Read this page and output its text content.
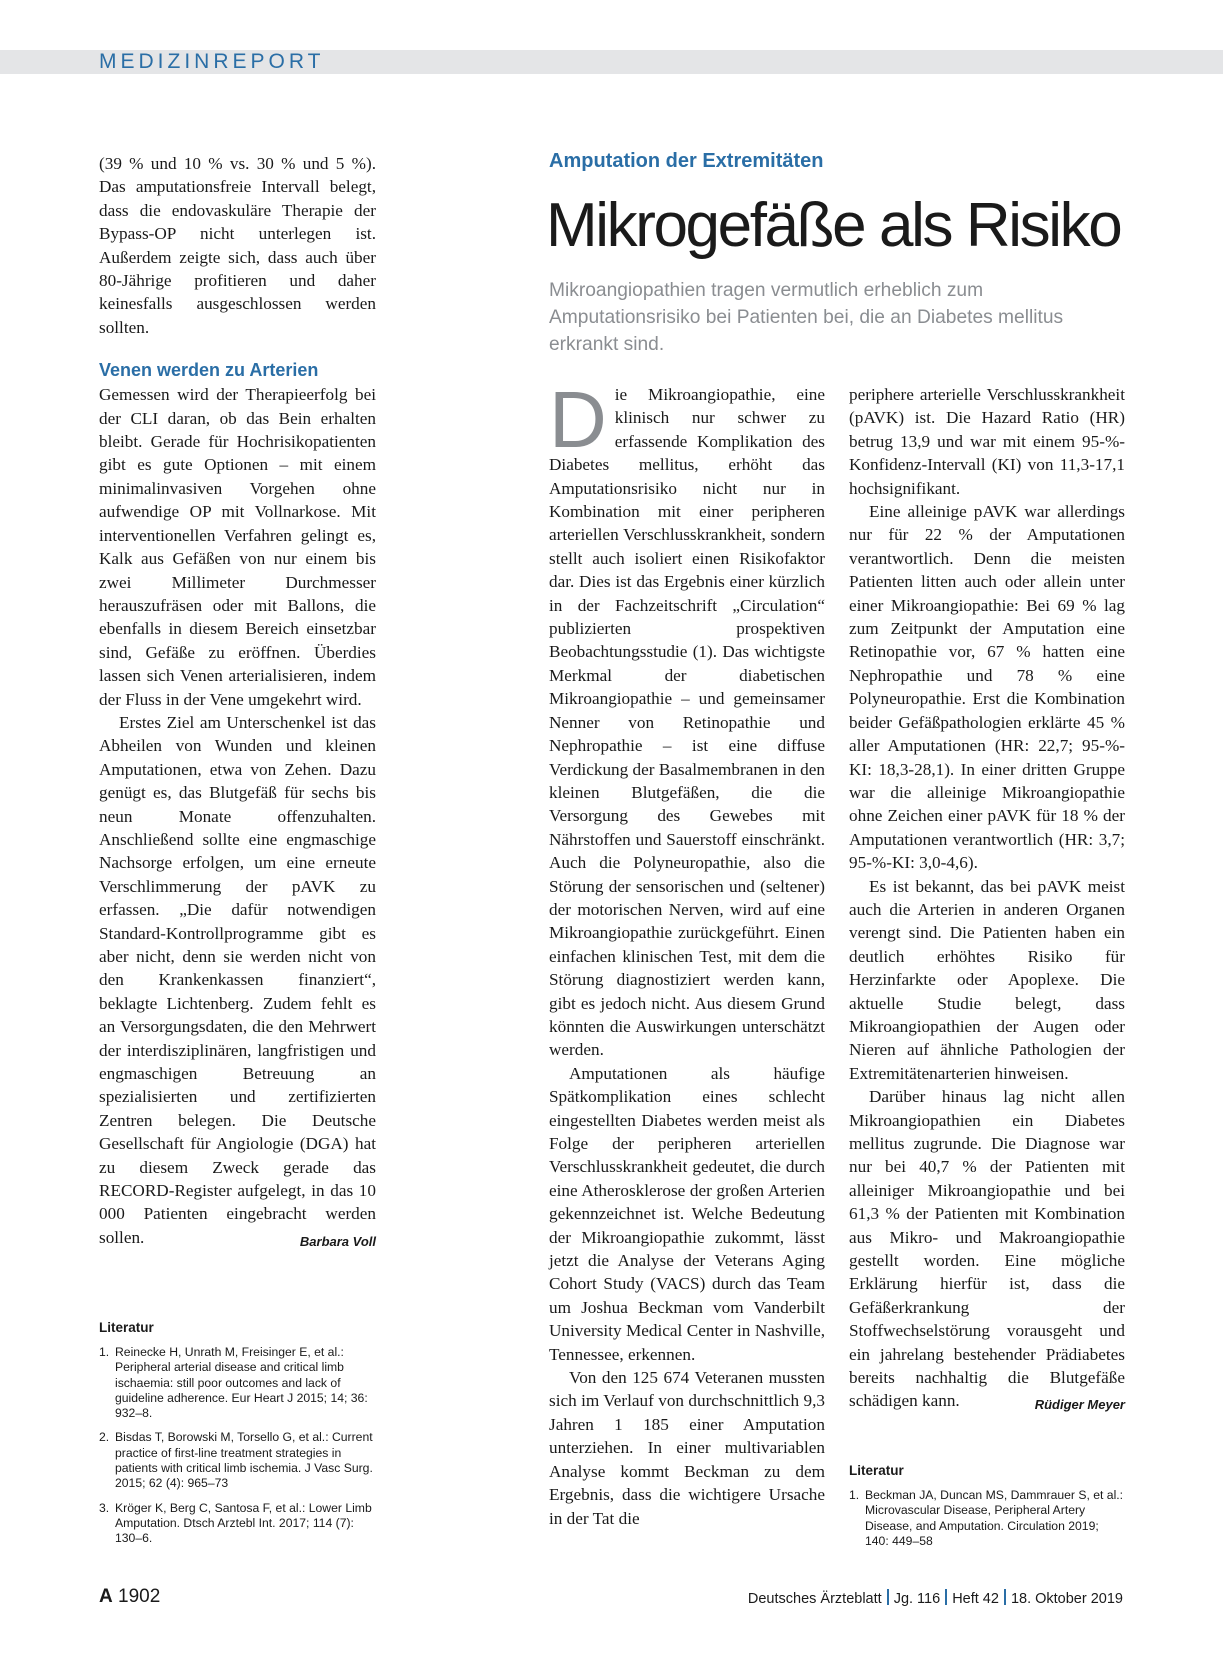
MEDIZINREPORT

(39 % und 10 % vs. 30 % und 5 %). Das amputationsfreie Intervall belegt, dass die endovaskuläre Therapie der Bypass-OP nicht unterlegen ist. Außerdem zeigte sich, dass auch über 80-Jährige profitieren und daher keinesfalls ausgeschlossen werden sollten.

Venen werden zu Arterien

Gemessen wird der Therapieerfolg bei der CLI daran, ob das Bein erhalten bleibt. Gerade für Hochrisikopatienten gibt es gute Optionen – mit einem minimalinvasiven Vorgehen ohne aufwendige OP mit Vollnarkose. Mit interventionellen Verfahren gelingt es, Kalk aus Gefäßen von nur einem bis zwei Millimeter Durchmesser herauszufräsen oder mit Ballons, die ebenfalls in diesem Bereich einsetzbar sind, Gefäße zu eröffnen. Überdies lassen sich Venen arterialisieren, indem der Fluss in der Vene umgekehrt wird.

Erstes Ziel am Unterschenkel ist das Abheilen von Wunden und kleinen Amputationen, etwa von Zehen. Dazu genügt es, das Blutgefäß für sechs bis neun Monate offenzuhalten. Anschließend sollte eine engmaschige Nachsorge erfolgen, um eine erneute Verschlimmerung der pAVK zu erfassen. „Die dafür notwendigen Standard-Kontrollprogramme gibt es aber nicht, denn sie werden nicht von den Krankenkassen finanziert“, beklagte Lichtenberg. Zudem fehlt es an Versorgungsdaten, die den Mehrwert der interdisziplinären, langfristigen und engmaschigen Betreuung an spezialisierten und zertifizierten Zentren belegen. Die Deutsche Gesellschaft für Angiologie (DGA) hat zu diesem Zweck gerade das RECORD-Register aufgelegt, in das 10 000 Patienten eingebracht werden sollen.	Barbara Voll

Literatur
1. Reinecke H, Unrath M, Freisinger E, et al.: Peripheral arterial disease and critical limb ischaemia: still poor outcomes and lack of guideline adherence. Eur Heart J 2015; 14; 36: 932–8.
2. Bisdas T, Borowski M, Torsello G, et al.: Current practice of first-line treatment strategies in patients with critical limb ischemia. J Vasc Surg. 2015; 62 (4): 965–73
3. Kröger K, Berg C, Santosa F, et al.: Lower Limb Amputation. Dtsch Arztebl Int. 2017; 114 (7): 130–6.
Amputation der Extremitäten
Mikrogefäße als Risiko
Mikroangiopathien tragen vermutlich erheblich zum Amputationsrisiko bei Patienten bei, die an Diabetes mellitus erkrankt sind.

Die Mikroangiopathie, eine klinisch nur schwer zu erfassende Komplikation des Diabetes mellitus, erhöht das Amputationsrisiko nicht nur in Kombination mit einer peripheren arteriellen Verschlusskrankheit, sondern stellt auch isoliert einen Risikofaktor dar. Dies ist das Ergebnis einer kürzlich in der Fachzeitschrift „Circulation“ publizierten prospektiven Beobachtungsstudie (1). Das wichtigste Merkmal der diabetischen Mikroangiopathie – und gemeinsamer Nenner von Retinopathie und Nephropathie – ist eine diffuse Verdickung der Basalmembranen in den kleinen Blutgefäßen, die die Versorgung des Gewebes mit Nährstoffen und Sauerstoff einschränkt. Auch die Polyneuropathie, also die Störung der sensorischen und (seltener) der motorischen Nerven, wird auf eine Mikroangiopathie zurückgeführt. Einen einfachen klinischen Test, mit dem die Störung diagnostiziert werden kann, gibt es jedoch nicht. Aus diesem Grund könnten die Auswirkungen unterschätzt werden.

Amputationen als häufige Spätkomplikation eines schlecht eingestellten Diabetes werden meist als Folge der peripheren arteriellen Verschlusskrankheit gedeutet, die durch eine Atherosklerose der großen Arterien gekennzeichnet ist. Welche Bedeutung der Mikroangiopathie zukommt, lässt jetzt die Analyse der Veterans Aging Cohort Study (VACS) durch das Team um Joshua Beckman vom Vanderbilt University Medical Center in Nashville, Tennessee, erkennen.

Von den 125 674 Veteranen mussten sich im Verlauf von durchschnittlich 9,3 Jahren 1 185 einer Amputation unterziehen. In einer multivariablen Analyse kommt Beckman zu dem Ergebnis, dass die wichtigere Ursache in der Tat die

periphere arterielle Verschlusskrankheit (pAVK) ist. Die Hazard Ratio (HR) betrug 13,9 und war mit einem 95-%-Konfidenz-Intervall (KI) von 11,3-17,1 hochsignifikant.

Eine alleinige pAVK war allerdings nur für 22 % der Amputationen verantwortlich. Denn die meisten Patienten litten auch oder allein unter einer Mikroangiopathie: Bei 69 % lag zum Zeitpunkt der Amputation eine Retinopathie vor, 67 % hatten eine Nephropathie und 78 % eine Polyneuropathie. Erst die Kombination beider Gefäßpathologien erklärte 45 % aller Amputationen (HR: 22,7; 95-%-KI: 18,3-28,1). In einer dritten Gruppe war die alleinige Mikroangiopathie ohne Zeichen einer pAVK für 18 % der Amputationen verantwortlich (HR: 3,7; 95-%-KI: 3,0-4,6).

Es ist bekannt, das bei pAVK meist auch die Arterien in anderen Organen verengt sind. Die Patienten haben ein deutlich erhöhtes Risiko für Herzinfarkte oder Apoplexe. Die aktuelle Studie belegt, dass Mikroangiopathien der Augen oder Nieren auf ähnliche Pathologien der Extremitätenarterien hinweisen.

Darüber hinaus lag nicht allen Mikroangiopathien ein Diabetes mellitus zugrunde. Die Diagnose war nur bei 40,7 % der Patienten mit alleiniger Mikroangiopathie und bei 61,3 % der Patienten mit Kombination aus Mikro- und Makroangiopathie gestellt worden. Eine mögliche Erklärung hierfür ist, dass die Gefäßerkrankung der Stoffwechselstörung vorausgeht und ein jahrelang bestehender Prädiabetes bereits nachhaltig die Blutgefäße schädigen kann.	Rüdiger Meyer

Literatur
1. Beckman JA, Duncan MS, Dammrauer S, et al.: Microvascular Disease, Peripheral Artery Disease, and Amputation. Circulation 2019; 140: 449–58
A 1902	Deutsches Ärzteblatt Jg. 116 Heft 42 18. Oktober 2019
